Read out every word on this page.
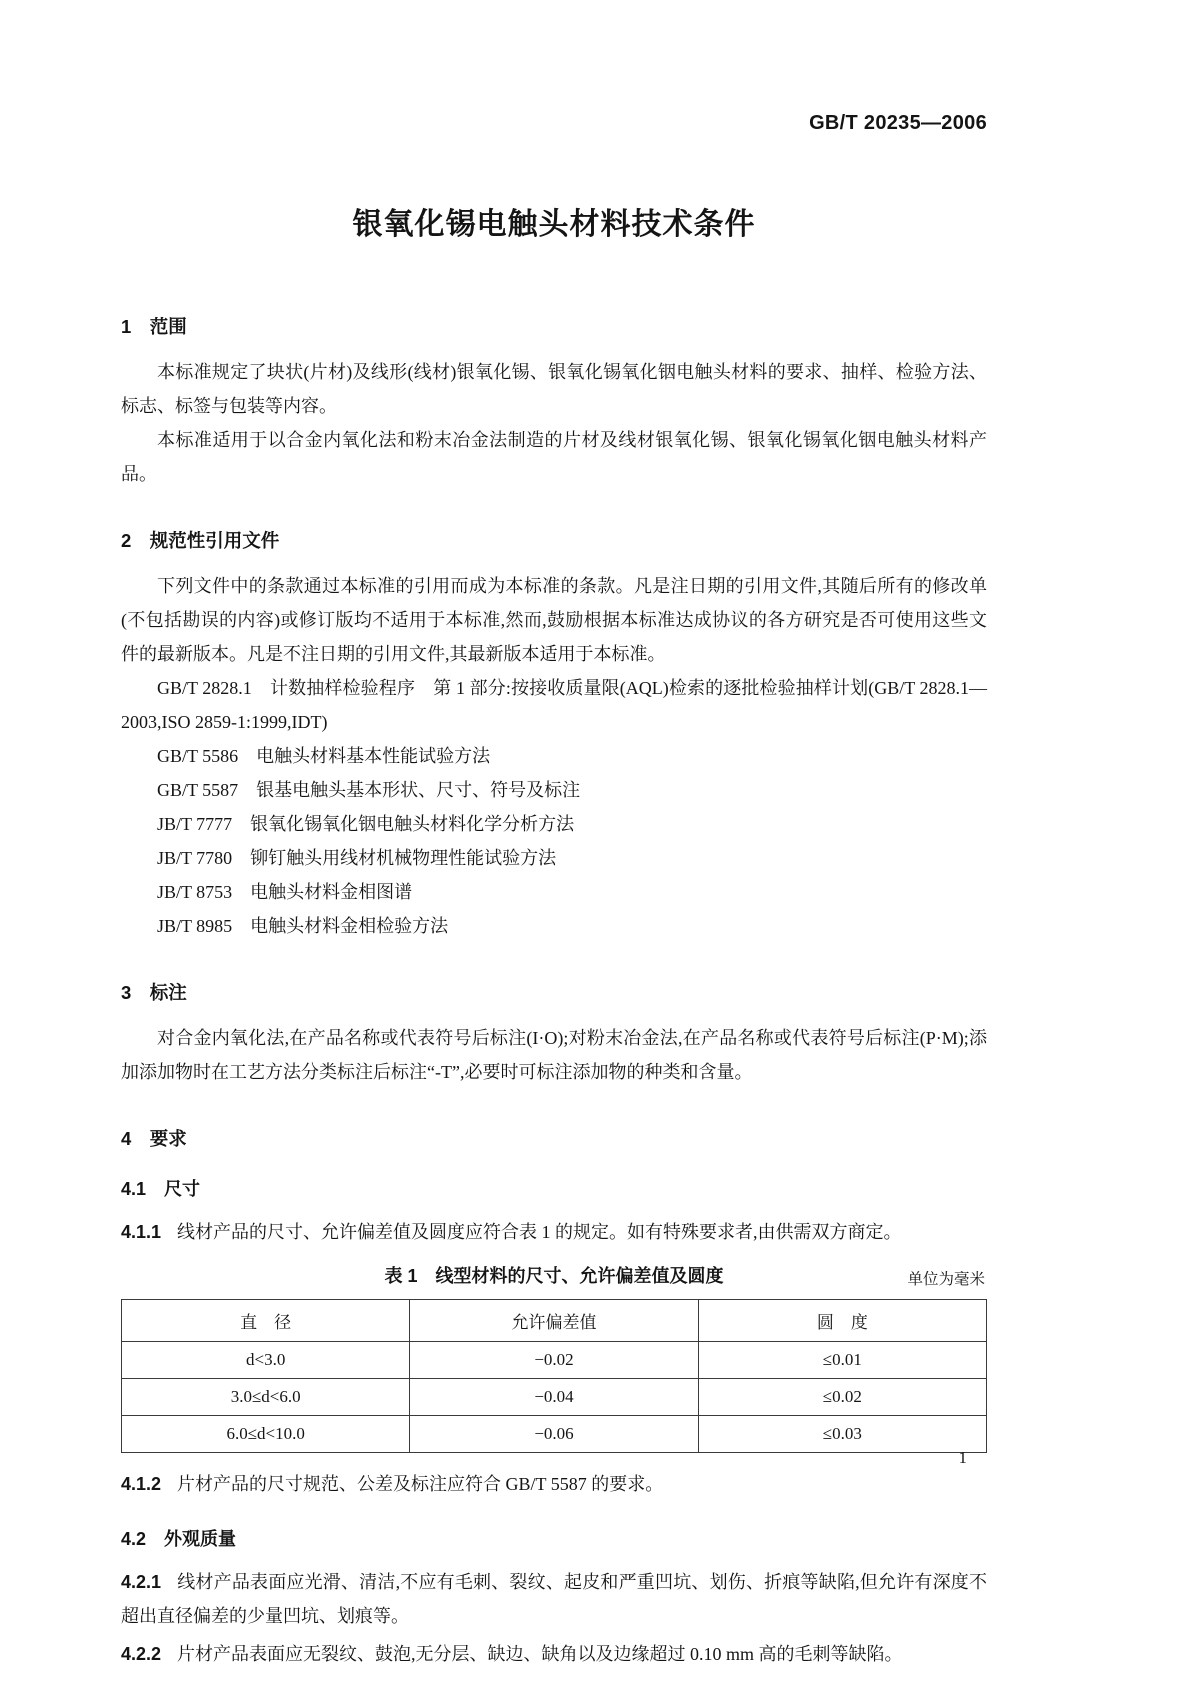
GB/T 20235—2006
银氧化锡电触头材料技术条件
1　范围

本标准规定了块状(片材)及线形(线材)银氧化锡、银氧化锡氧化铟电触头材料的要求、抽样、检验方法、标志、标签与包装等内容。

本标准适用于以合金内氧化法和粉末冶金法制造的片材及线材银氧化锡、银氧化锡氧化铟电触头材料产品。

2　规范性引用文件

下列文件中的条款通过本标准的引用而成为本标准的条款。凡是注日期的引用文件,其随后所有的修改单(不包括勘误的内容)或修订版均不适用于本标准,然而,鼓励根据本标准达成协议的各方研究是否可使用这些文件的最新版本。凡是不注日期的引用文件,其最新版本适用于本标准。

GB/T 2828.1　计数抽样检验程序　第 1 部分:按接收质量限(AQL)检索的逐批检验抽样计划(GB/T 2828.1—2003,ISO 2859-1:1999,IDT)

GB/T 5586　电触头材料基本性能试验方法

GB/T 5587　银基电触头基本形状、尺寸、符号及标注

JB/T 7777　银氧化锡氧化铟电触头材料化学分析方法

JB/T 7780　铆钉触头用线材机械物理性能试验方法

JB/T 8753　电触头材料金相图谱

JB/T 8985　电触头材料金相检验方法

3　标注

对合金内氧化法,在产品名称或代表符号后标注(I·O);对粉末冶金法,在产品名称或代表符号后标注(P·M);添加添加物时在工艺方法分类标注后标注“-T”,必要时可标注添加物的种类和含量。

4　要求
4.1　尺寸

4.1.1 线材产品的尺寸、允许偏差值及圆度应符合表 1 的规定。如有特殊要求者,由供需双方商定。

表 1　线型材料的尺寸、允许偏差值及圆度	单位为毫米
直　径	允许偏差值	圆　度
d<3.0	−0.02	≤0.01
3.0≤d<6.0	−0.04	≤0.02
6.0≤d<10.0	−0.06	≤0.03

4.1.2 片材产品的尺寸规范、公差及标注应符合 GB/T 5587 的要求。

4.2　外观质量

4.2.1 线材产品表面应光滑、清洁,不应有毛刺、裂纹、起皮和严重凹坑、划伤、折痕等缺陷,但允许有深度不超出直径偏差的少量凹坑、划痕等。

4.2.2 片材产品表面应无裂纹、鼓泡,无分层、缺边、缺角以及边缘超过 0.10 mm 高的毛刺等缺陷。

1
